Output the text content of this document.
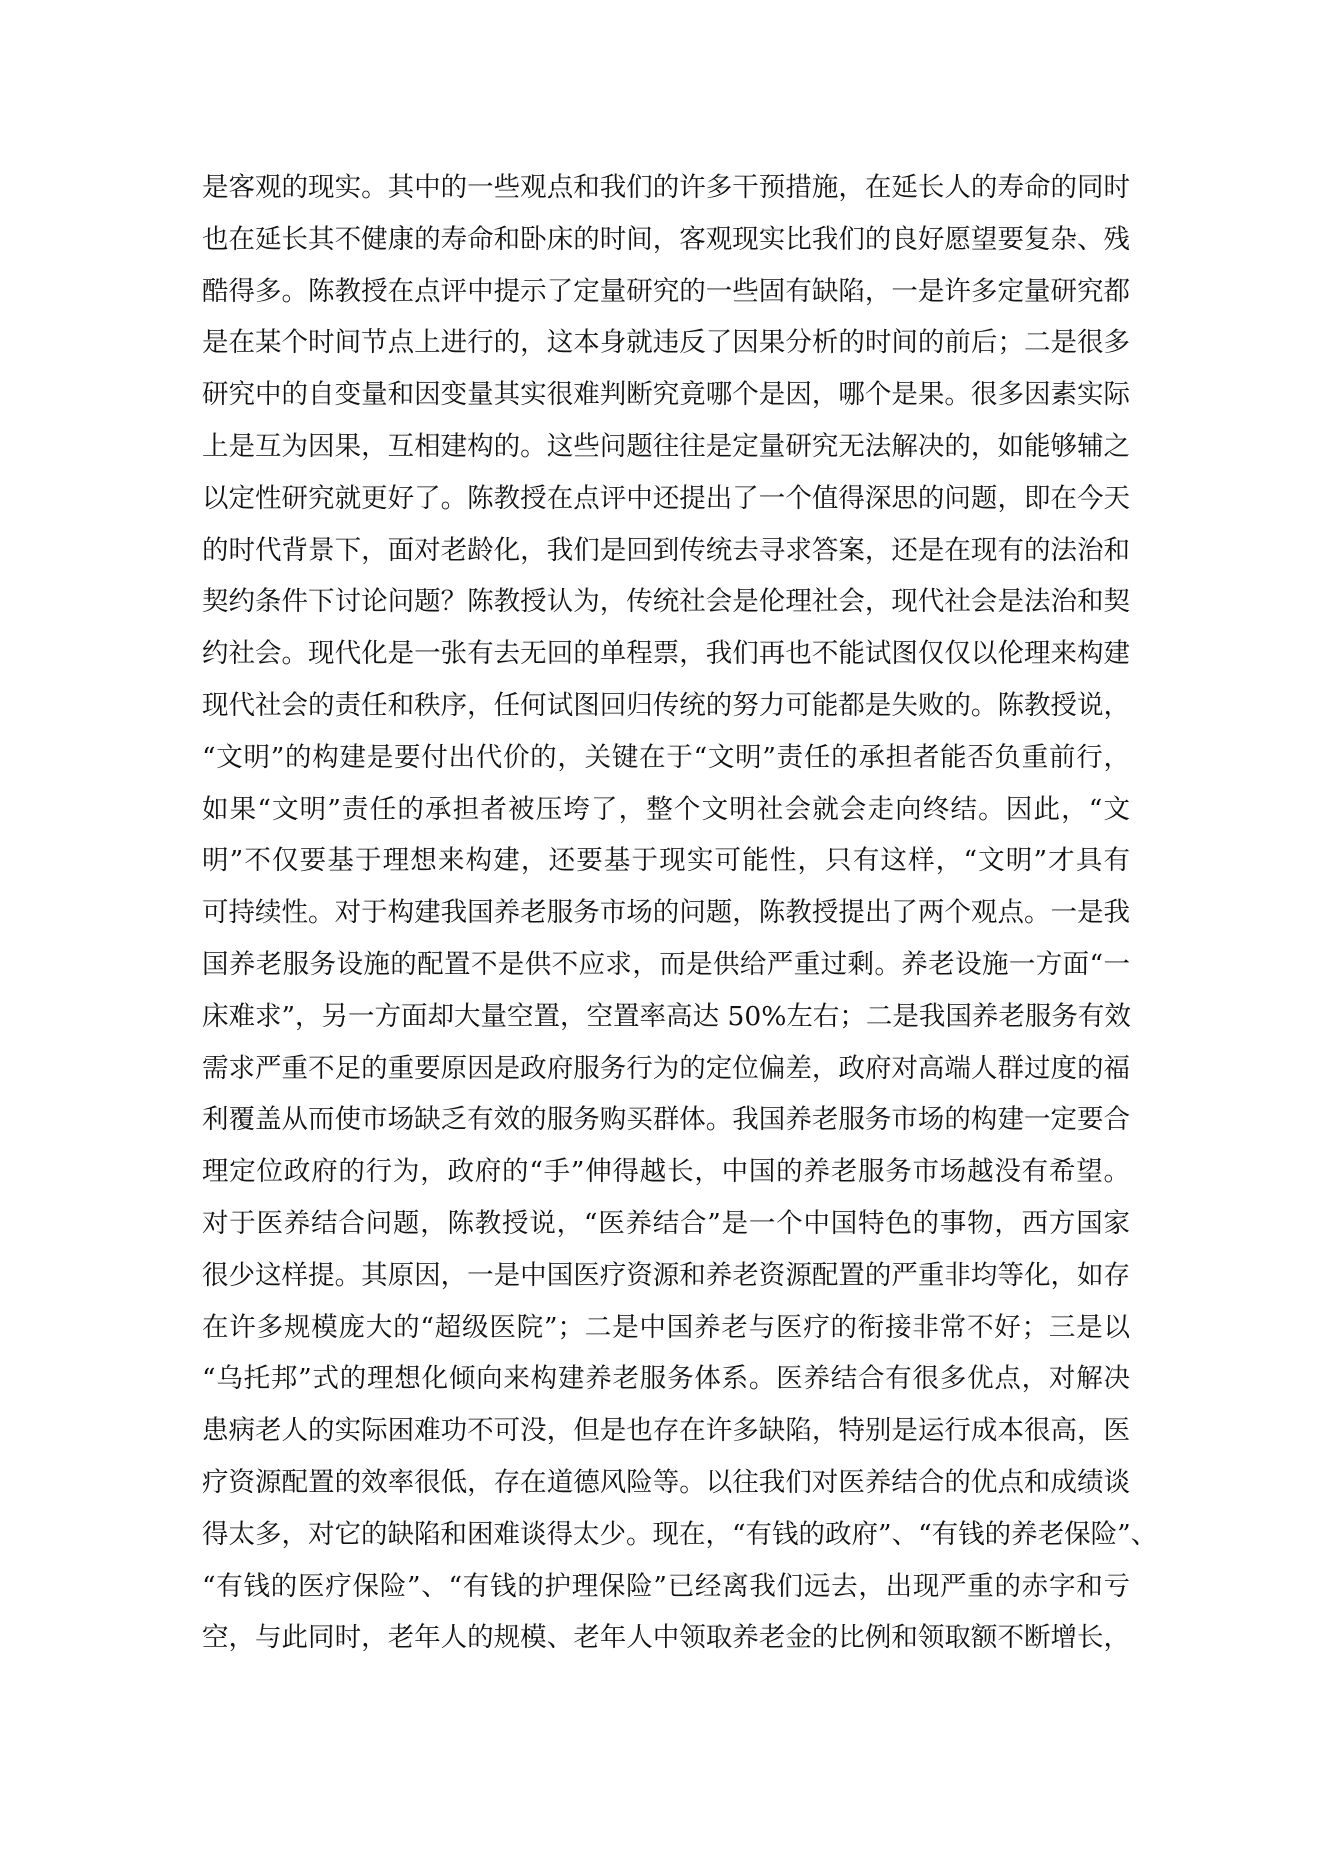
是客观的现实。其中的一些观点和我们的许多干预措施，在延长人的寿命的同时
也在延长其不健康的寿命和卧床的时间，客观现实比我们的良好愿望要复杂、残
酷得多。陈教授在点评中提示了定量研究的一些固有缺陷，一是许多定量研究都
是在某个时间节点上进行的，这本身就违反了因果分析的时间的前后；二是很多
研究中的自变量和因变量其实很难判断究竟哪个是因，哪个是果。很多因素实际
上是互为因果，互相建构的。这些问题往往是定量研究无法解决的，如能够辅之
以定性研究就更好了。陈教授在点评中还提出了一个值得深思的问题，即在今天
的时代背景下，面对老龄化，我们是回到传统去寻求答案，还是在现有的法治和
契约条件下讨论问题？陈教授认为，传统社会是伦理社会，现代社会是法治和契
约社会。现代化是一张有去无回的单程票，我们再也不能试图仅仅以伦理来构建
现代社会的责任和秩序，任何试图回归传统的努力可能都是失败的。陈教授说，
“文明”的构建是要付出代价的，关键在于“文明”责任的承担者能否负重前行，
如果“文明”责任的承担者被压垮了，整个文明社会就会走向终结。因此，“文
明”不仅要基于理想来构建，还要基于现实可能性，只有这样，“文明”才具有
可持续性。对于构建我国养老服务市场的问题，陈教授提出了两个观点。一是我
国养老服务设施的配置不是供不应求，而是供给严重过剩。养老设施一方面“一
床难求”，另一方面却大量空置，空置率高达 50%左右；二是我国养老服务有效
需求严重不足的重要原因是政府服务行为的定位偏差，政府对高端人群过度的福
利覆盖从而使市场缺乏有效的服务购买群体。我国养老服务市场的构建一定要合
理定位政府的行为，政府的“手”伸得越长，中国的养老服务市场越没有希望。
对于医养结合问题，陈教授说，“医养结合”是一个中国特色的事物，西方国家
很少这样提。其原因，一是中国医疗资源和养老资源配置的严重非均等化，如存
在许多规模庞大的“超级医院”；二是中国养老与医疗的衔接非常不好；三是以
“乌托邦”式的理想化倾向来构建养老服务体系。医养结合有很多优点，对解决
患病老人的实际困难功不可没，但是也存在许多缺陷，特别是运行成本很高，医
疗资源配置的效率很低，存在道德风险等。以往我们对医养结合的优点和成绩谈
得太多，对它的缺陷和困难谈得太少。现在，“有钱的政府”、“有钱的养老保险”、
“有钱的医疗保险”、“有钱的护理保险”已经离我们远去，出现严重的赤字和亏
空，与此同时，老年人的规模、老年人中领取养老金的比例和领取额不断增长，
